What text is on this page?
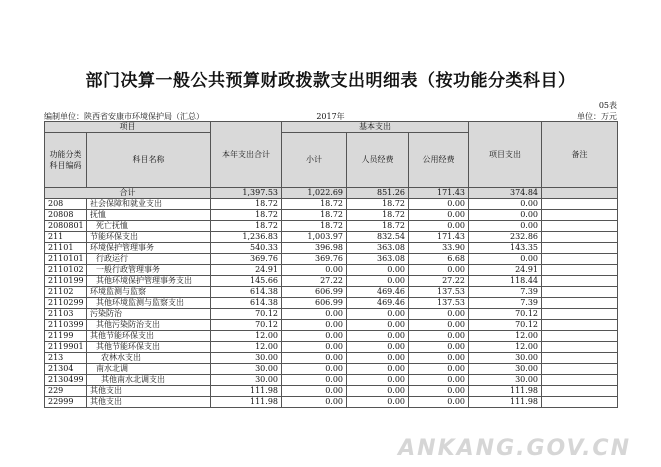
部门决算一般公共预算财政拨款支出明细表（按功能分类科目）
05表
编制单位：陕西省安康市环境保护局（汇总）	2017年	单位：万元
项目		本年支出合计	基本支出			项目支出	备注
功能分类科目编码	科目名称		小计	人员经费	公用经费		
合计		1,397.53	1,022.69	851.26	171.43	374.84	
208	社会保障和就业支出	18.72	18.72	18.72	0.00	0.00	
20808	抚恤	18.72	18.72	18.72	0.00	0.00	
2080801	死亡抚恤	18.72	18.72	18.72	0.00	0.00	
211	节能环保支出	1,236.83	1,003.97	832.54	171.43	232.86	
21101	环境保护管理事务	540.33	396.98	363.08	33.90	143.35	
2110101	行政运行	369.76	369.76	363.08	6.68	0.00	
2110102	一般行政管理事务	24.91	0.00	0.00	0.00	24.91	
2110199	其他环境保护管理事务支出	145.66	27.22	0.00	27.22	118.44	
21102	环境监测与监察	614.38	606.99	469.46	137.53	7.39	
2110299	其他环境监测与监察支出	614.38	606.99	469.46	137.53	7.39	
21103	污染防治	70.12	0.00	0.00	0.00	70.12	
2110399	其他污染防治支出	70.12	0.00	0.00	0.00	70.12	
21199	其他节能环保支出	12.00	0.00	0.00	0.00	12.00	
2119901	其他节能环保支出	12.00	0.00	0.00	0.00	12.00	
213	农林水支出	30.00	0.00	0.00	0.00	30.00	
21304	南水北调	30.00	0.00	0.00	0.00	30.00	
2130499	其他南水北调支出	30.00	0.00	0.00	0.00	30.00	
229	其他支出	111.98	0.00	0.00	0.00	111.98	
22999	其他支出	111.98	0.00	0.00	0.00	111.98	
ANKANG.GOV.CN
